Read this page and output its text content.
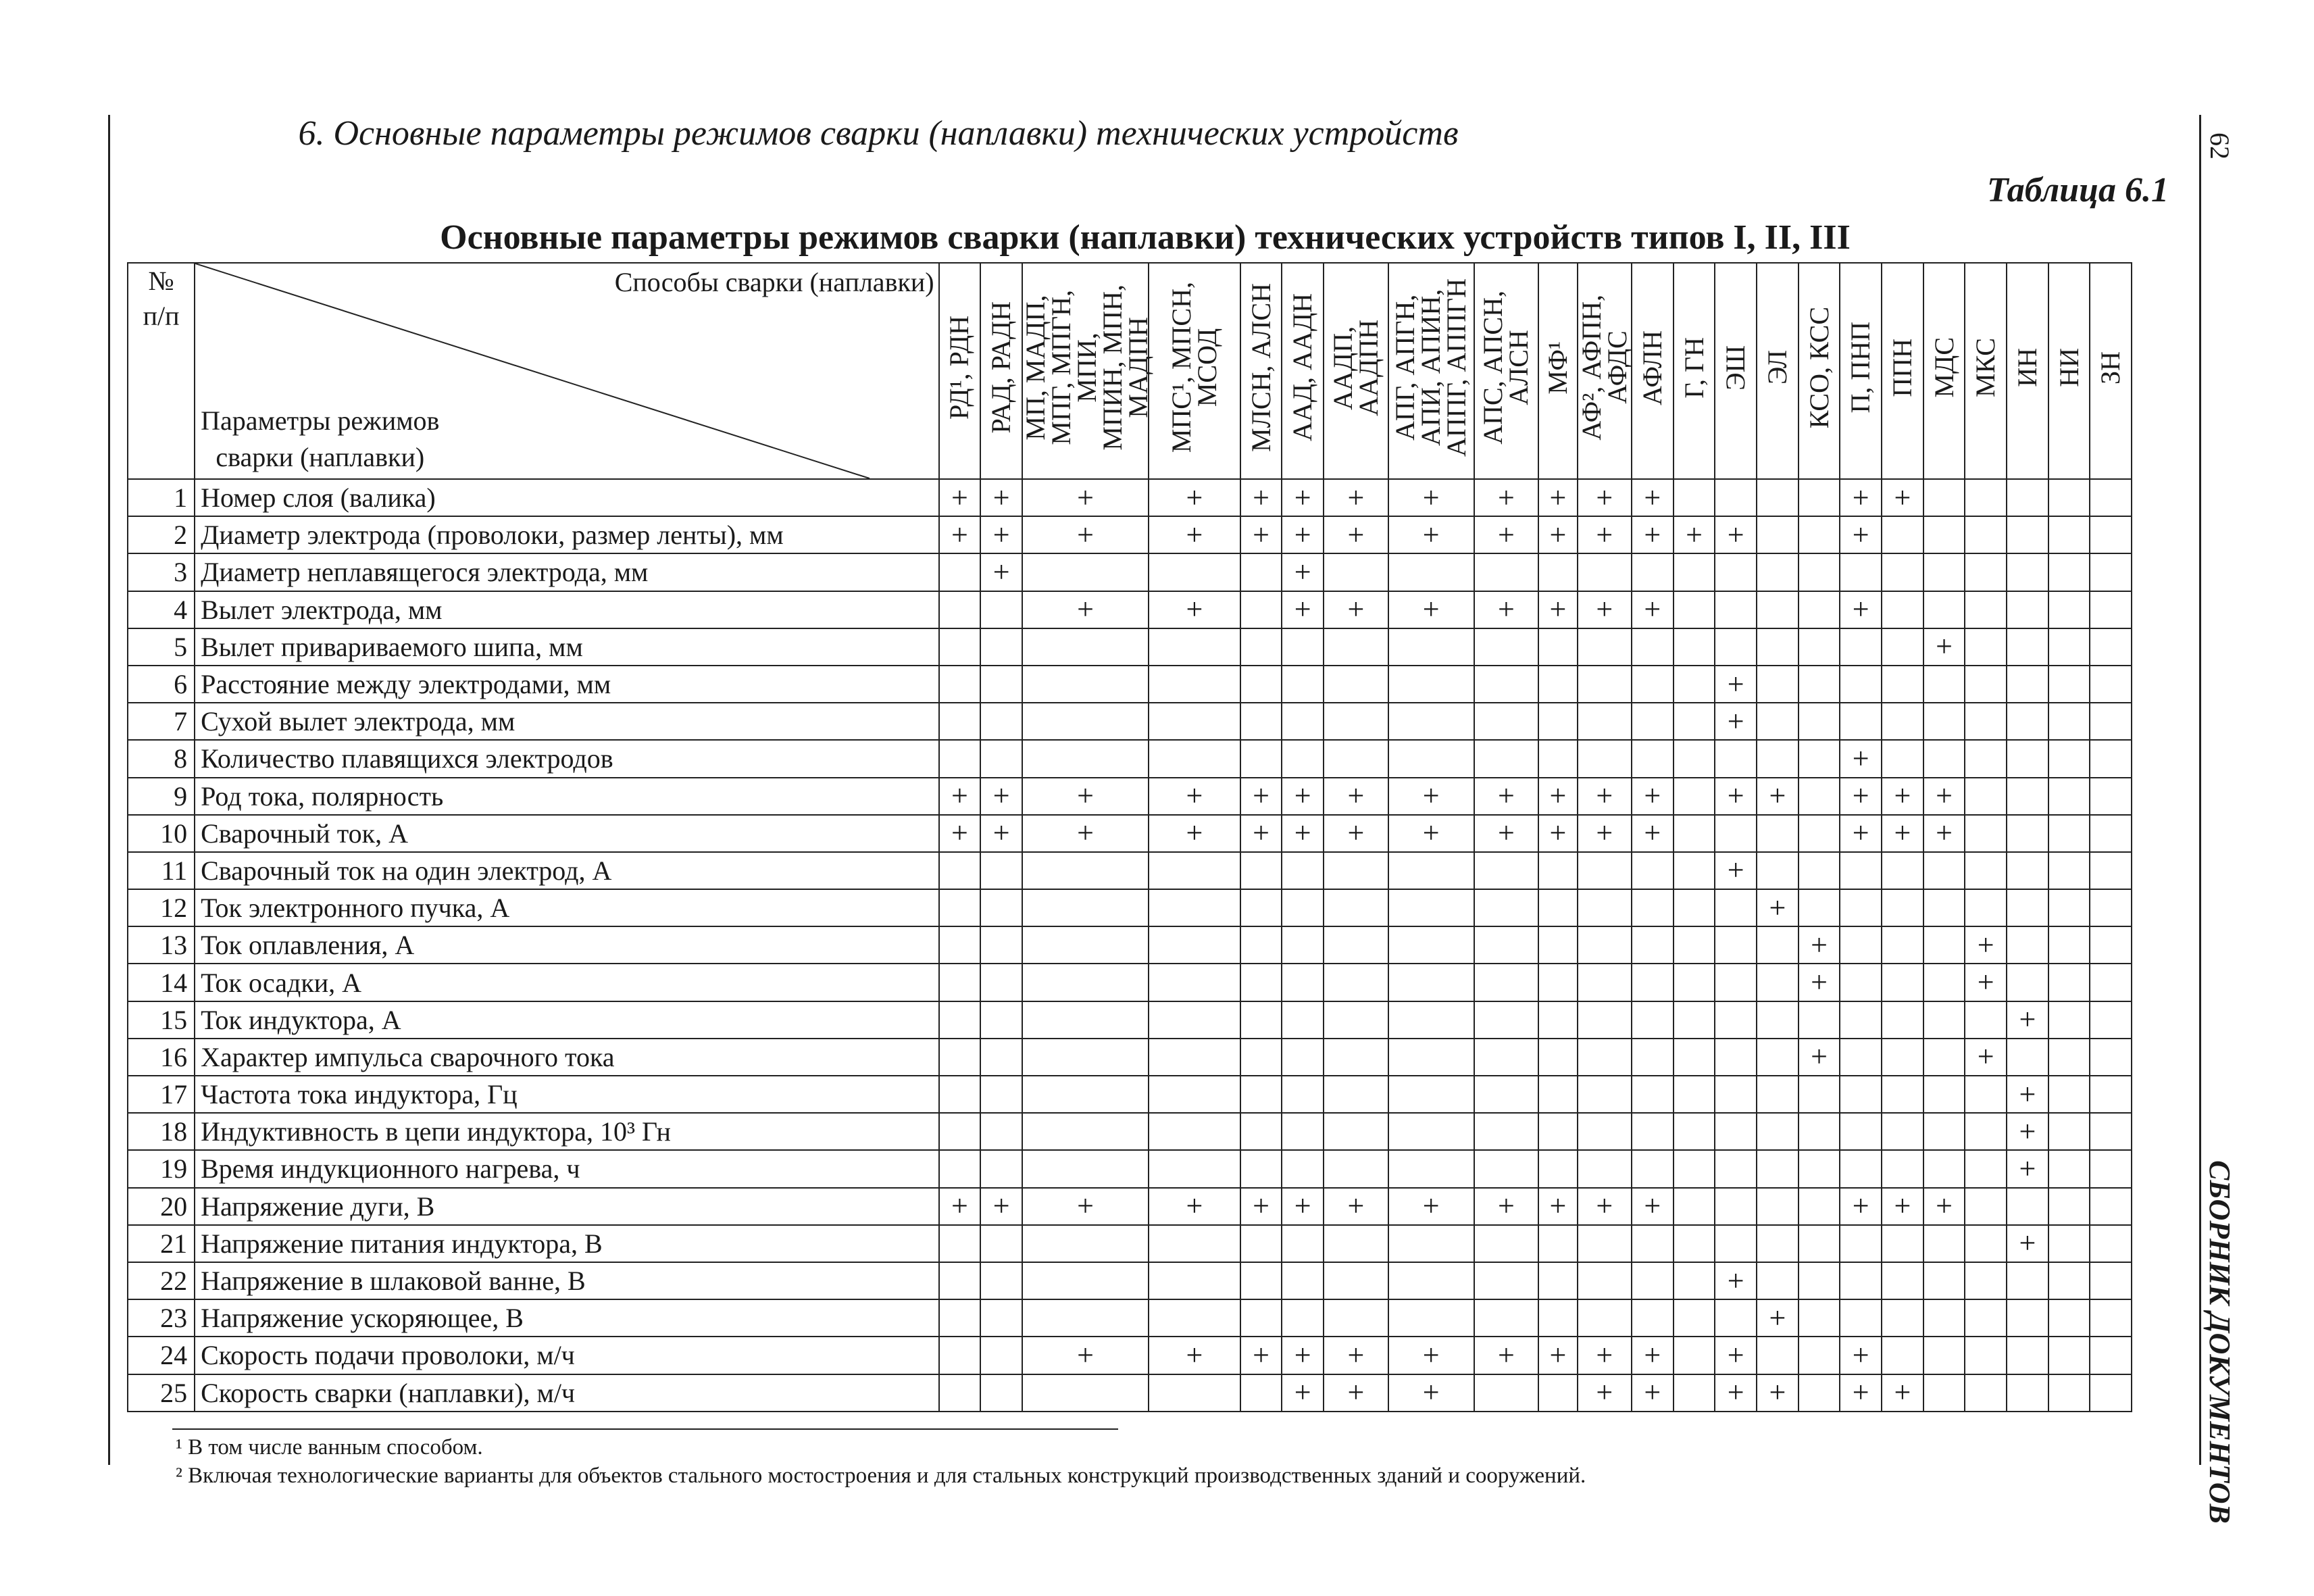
6. Основные параметры режимов сварки (наплавки) технических устройств
Таблица 6.1
Основные параметры режимов сварки (наплавки) технических устройств типов I, II, III
62
СБОРНИК ДОКУМЕНТОВ
№
п/п	Способы сварки (наплавки)
Параметры режимов
сварки (наплавки)	РД¹, РДН	РАД, РАДН	МП, МАДП,
МПГ, МПГН,
МПИ,
МПИН, МПН,
МАДПН	МПС¹, МПСН,
МСОД	МЛСН, АЛСН	ААД, ААДН	ААДП,
ААДПН	АПГ, АПГН,
АПИ, АПИН,
АППГ, АППГН	АПС, АПСН,
АЛСН	МФ¹	АФ², АФПН,
АФДС	АФЛН	Г, ГН	ЭШ	ЭЛ	КСО, КСС	П, ПНП	ППН	МДС	МКС	ИН	НИ	ЗН
1	Номер слоя (валика)	+	+	+	+	+	+	+	+	+	+	+	+					+	+					
2	Диаметр электрода (проволоки, размер ленты), мм	+	+	+	+	+	+	+	+	+	+	+	+	+	+			+						
3	Диаметр неплавящегося электрода, мм		+				+																	
4	Вылет электрода, мм			+	+		+	+	+	+	+	+	+					+						
5	Вылет привариваемого шипа, мм																			+				
6	Расстояние между электродами, мм														+									
7	Сухой вылет электрода, мм														+									
8	Количество плавящихся электродов																	+						
9	Род тока, полярность	+	+	+	+	+	+	+	+	+	+	+	+		+	+		+	+	+				
10	Сварочный ток, А	+	+	+	+	+	+	+	+	+	+	+	+					+	+	+				
11	Сварочный ток на один электрод, А														+									
12	Ток электронного пучка, А															+								
13	Ток оплавления, А																+				+			
14	Ток осадки, А																+				+			
15	Ток индуктора, А																					+		
16	Характер импульса сварочного тока																+				+			
17	Частота тока индуктора, Гц																					+		
18	Индуктивность в цепи индуктора, 10³ Гн																					+		
19	Время индукционного нагрева, ч																					+		
20	Напряжение дуги, В	+	+	+	+	+	+	+	+	+	+	+	+					+	+	+				
21	Напряжение питания индуктора, В																					+		
22	Напряжение в шлаковой ванне, В														+									
23	Напряжение ускоряющее, В															+								
24	Скорость подачи проволоки, м/ч			+	+	+	+	+	+	+	+	+	+		+			+						
25	Скорость сварки (наплавки), м/ч						+	+	+			+	+		+	+		+	+					
¹ В том числе ванным способом.
² Включая технологические варианты для объектов стального мостостроения и для стальных конструкций производственных зданий и сооружений.
